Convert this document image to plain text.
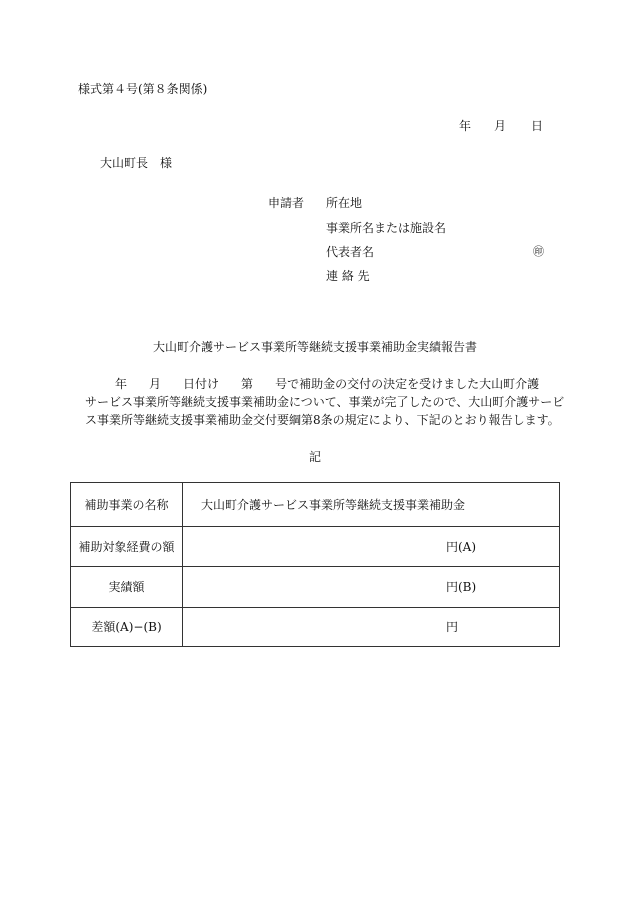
様式第４号(第８条関係)
年 月 日
大山町長　様
申請者 所在地
事業所名または施設名
代表者名	㊞
連 絡 先
大山町介護サービス事業所等継続支援事業補助金実績報告書
年 月 日付け 第 号で補助金の交付の決定を受けました大山町介護
サービス事業所等継続支援事業補助金について、事業が完了したので、大山町介護サービ
ス事業所等継続支援事業補助金交付要綱第8条の規定により、下記のとおり報告します。
記
補助事業の名称	大山町介護サービス事業所等継続支援事業補助金
補助対象経費の額	円(A)

実績額	円(B)

差額(A)−(B)	円
